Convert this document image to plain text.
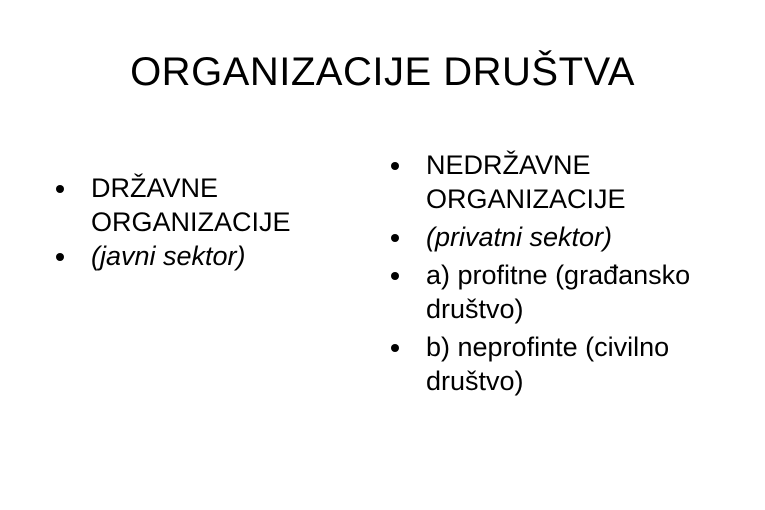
ORGANIZACIJE DRUŠTVA
DRŽAVNE ORGANIZACIJE
(javni sektor)
NEDRŽAVNE ORGANIZACIJE
(privatni sektor)
a) profitne (građansko društvo)
b) neprofinte (civilno društvo)
